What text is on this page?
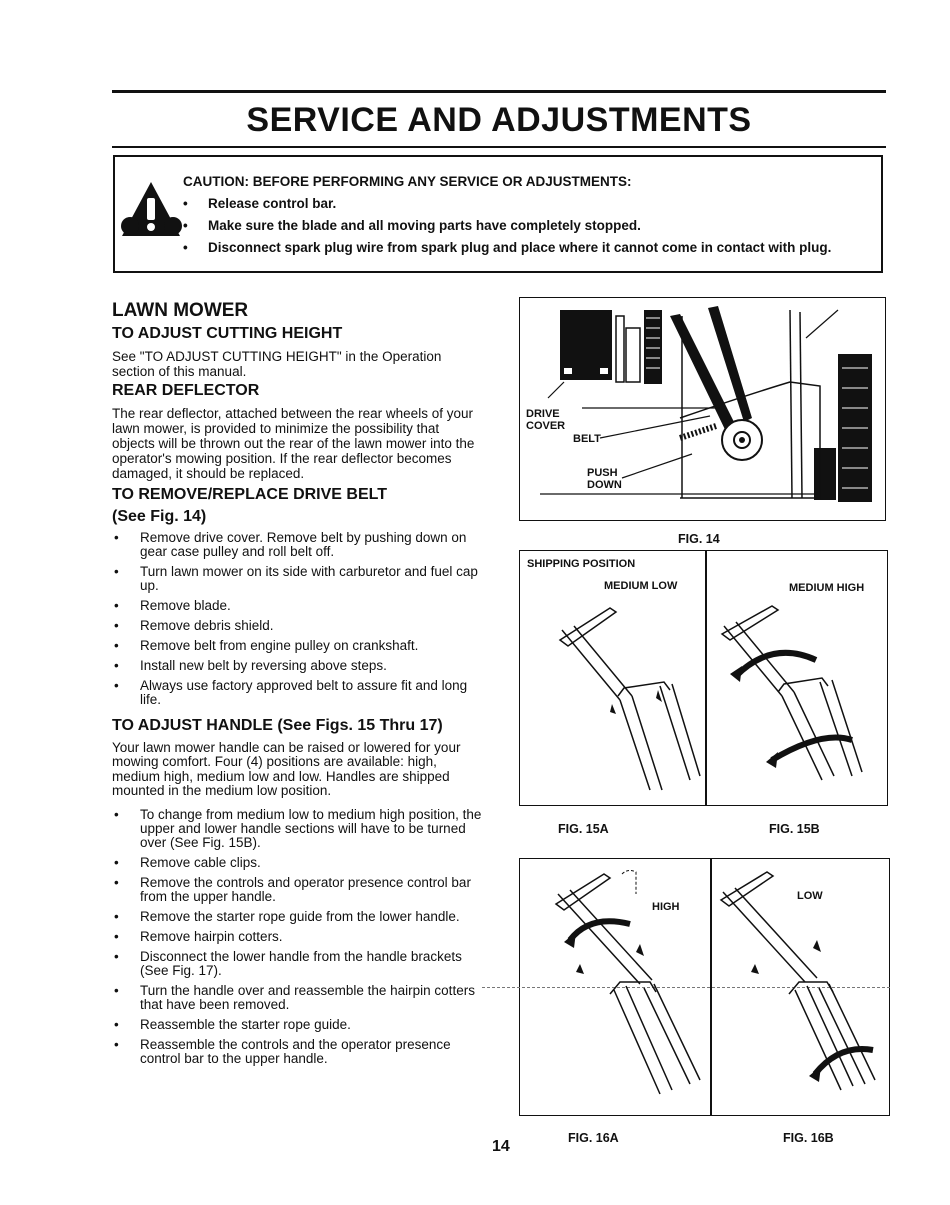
SERVICE AND ADJUSTMENTS
CAUTION: BEFORE PERFORMING ANY SERVICE OR ADJUSTMENTS:
• Release control bar.
• Make sure the blade and all moving parts have completely stopped.
• Disconnect spark plug wire from spark plug and place where it cannot come in contact with plug.
LAWN MOWER
TO ADJUST CUTTING HEIGHT

See "TO ADJUST CUTTING HEIGHT" in the Operation section of this manual.

REAR DEFLECTOR

The rear deflector, attached between the rear wheels of your lawn mower, is provided to minimize the possibility that objects will be thrown out the rear of the lawn mower into the operator's mowing position. If the rear deflector becomes damaged, it should be replaced.

TO REMOVE/REPLACE DRIVE BELT
(See Fig. 14)
• Remove drive cover. Remove belt by pushing down on gear case pulley and roll belt off.
• Turn lawn mower on its side with carburetor and fuel cap up.
• Remove blade.
• Remove debris shield.
• Remove belt from engine pulley on crankshaft.
• Install new belt by reversing above steps.
• Always use factory approved belt to assure fit and long life.
TO ADJUST HANDLE (See Figs. 15 Thru 17)

Your lawn mower handle can be raised or lowered for your mowing comfort. Four (4) positions are available: high, medium high, medium low and low. Handles are shipped mounted in the medium low position.

• To change from medium low to medium high position, the upper and lower handle sections will have to be turned over (See Fig. 15B).
• Remove cable clips.
• Remove the controls and operator presence control bar from the upper handle.
• Remove the starter rope guide from the lower handle.
• Remove hairpin cotters.
• Disconnect the lower handle from the handle brackets (See Fig. 17).
• Turn the handle over and reassemble the hairpin cotters that have been removed.
• Reassemble the starter rope guide.
• Reassemble the controls and the operator presence control bar to the upper handle.
DRIVE
COVER
BELT
PUSH
DOWN
FIG. 14
SHIPPING POSITION
MEDIUM LOW	MEDIUM HIGH
FIG. 15A	FIG. 15B
HIGH
LOW
FIG. 16A	FIG. 16B
14
